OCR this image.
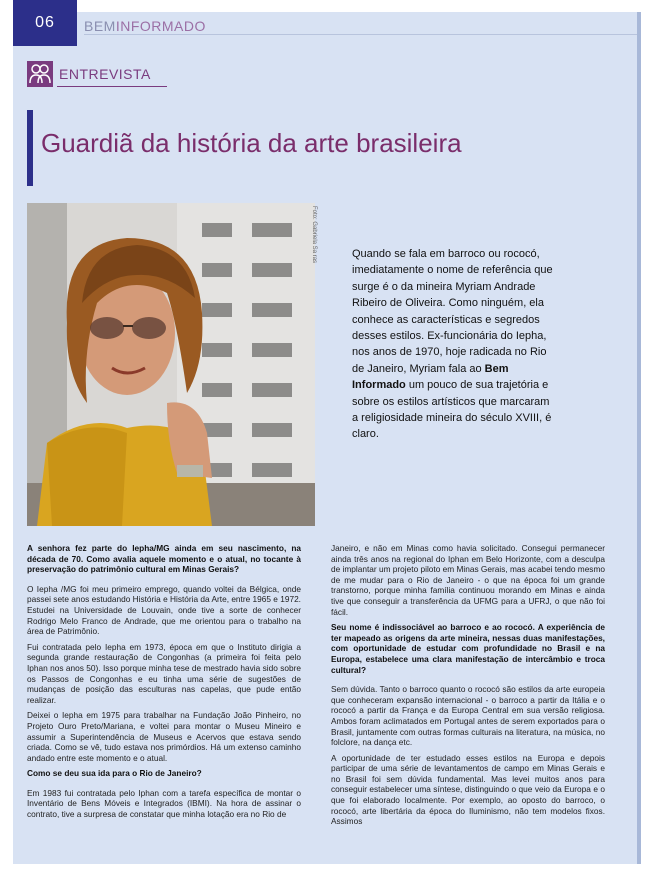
06	BEMINFORMADO
ENTREVISTA
Guardiã da história da arte brasileira
Foto: Gabriela Sa ras	Quando se fala em barroco ou rococó, imediatamente o nome de referência que surge é o da mineira Myriam Andrade Ribeiro de Oliveira. Como ninguém, ela conhece as características e segredos desses estilos. Ex-funcionária do Iepha, nos anos de 1970, hoje radicada no Rio de Janeiro, Myriam fala ao Bem Informado um pouco de sua trajetória e sobre os estilos artísticos que marcaram a religiosidade mineira do século XVIII, é claro.

A senhora fez parte do Iepha/MG ainda em seu nascimento, na década de 70. Como avalia aquele momento e o atual, no tocante à preservação do patrimônio cultural em Minas Gerais?

O Iepha /MG foi meu primeiro emprego, quando voltei da Bélgica, onde passei sete anos estudando História e História da Arte, entre 1965 e 1972. Estudei na Universidade de Louvain, onde tive a sorte de conhecer Rodrigo Melo Franco de Andrade, que me orientou para o trabalho na área de Patrimônio.

Fui contratada pelo Iepha em 1973, época em que o Instituto dirigia a segunda grande restauração de Congonhas (a primeira foi feita pelo Iphan nos anos 50). Isso porque minha tese de mestrado havia sido sobre os Passos de Congonhas e eu tinha uma série de sugestões de mudanças de posição das esculturas nas capelas, que pude então realizar.

Deixei o Iepha em 1975 para trabalhar na Fundação João Pinheiro, no Projeto Ouro Preto/Mariana, e voltei para montar o Museu Mineiro e assumir a Superintendência de Museus e Acervos que estava sendo criada. Como se vê, tudo estava nos primórdios. Há um extenso caminho andado entre este momento e o atual.

Como se deu sua ida para o Rio de Janeiro?

Em 1983 fui contratada pelo Iphan com a tarefa específica de montar o Inventário de Bens Móveis e Integrados (IBMI). Na hora de assinar o contrato, tive a surpresa de constatar que minha lotação era no Rio de

Janeiro, e não em Minas como havia solicitado. Consegui permanecer ainda três anos na regional do Iphan em Belo Horizonte, com a desculpa de implantar um projeto piloto em Minas Gerais, mas acabei tendo mesmo de me mudar para o Rio de Janeiro - o que na época foi um grande transtorno, porque minha família continuou morando em Minas e ainda tive que conseguir a transferência da UFMG para a UFRJ, o que não foi fácil.

Seu nome é indissociável ao barroco e ao rococó. A experiência de ter mapeado as origens da arte mineira, nessas duas manifestações, com oportunidade de estudar com profundidade no Brasil e na Europa, estabelece uma clara manifestação de intercâmbio e troca cultural?

Sem dúvida. Tanto o barroco quanto o rococó são estilos da arte europeia que conheceram expansão internacional - o barroco a partir da Itália e o rococó a partir da França e da Europa Central em sua versão religiosa. Ambos foram aclimatados em Portugal antes de serem exportados para o Brasil, juntamente com outras formas culturais na literatura, na música, no folclore, na dança etc.

A oportunidade de ter estudado esses estilos na Europa e depois participar de uma série de levantamentos de campo em Minas Gerais e no Brasil foi sem dúvida fundamental. Mas levei muitos anos para conseguir estabelecer uma síntese, distinguindo o que veio da Europa e o que foi elaborado localmente. Por exemplo, ao oposto do barroco, o rococó, arte libertária da época do Iluminismo, não tem modelos fixos. Assimos
